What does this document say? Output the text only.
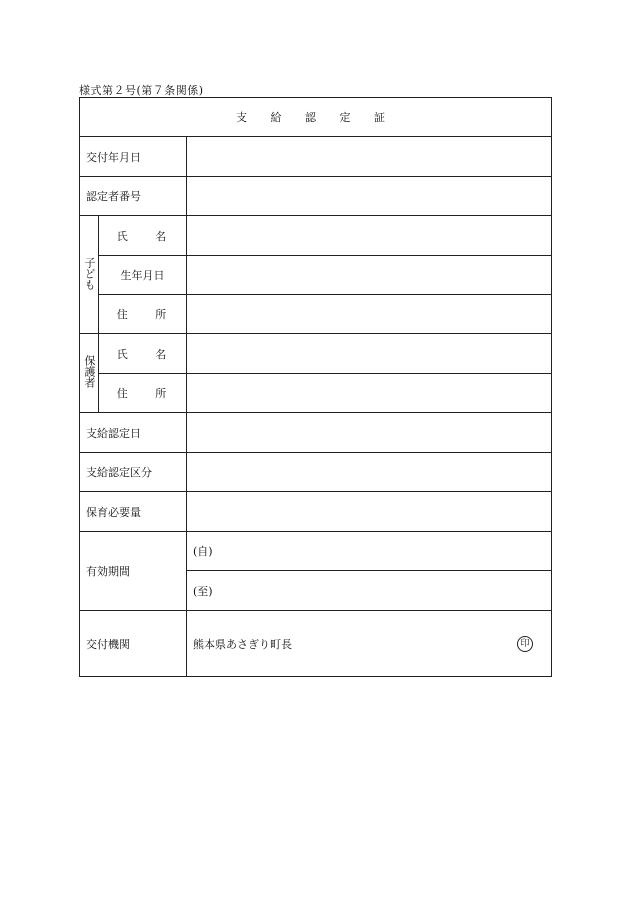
様式第２号(第７条関係)
支 給 認 定 証		
交付年月日		
認定者番号		
子ども	氏 名	
	生年月日	
	住 所	
保護者	氏 名	
	住 所	
支給認定日		
支給認定区分		
保育必要量		
有効期間		(自)
		(至)
交付機関		熊本県あさぎり町長 印
